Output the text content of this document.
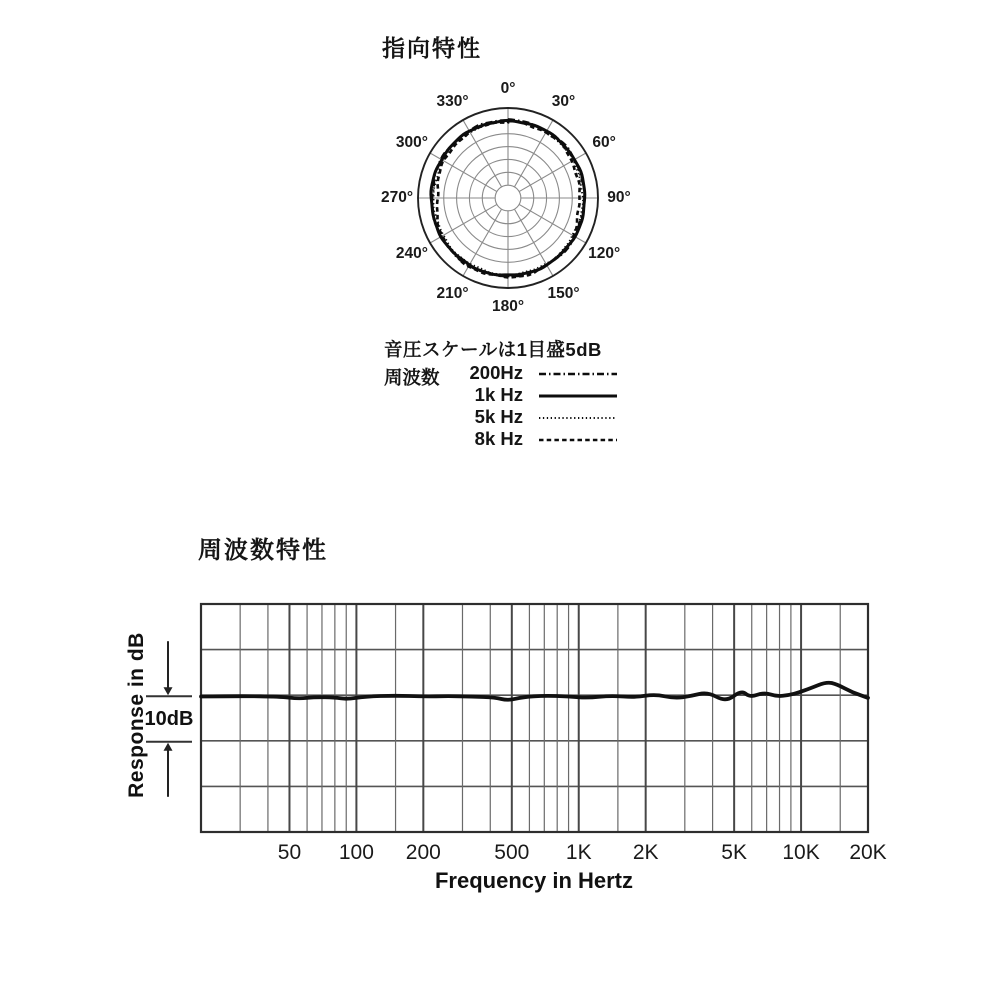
指向特性
0°
30°
60°
90°
120°
150°
180°
210°
240°
270°
300°
330°
音圧スケールは1目盛5dB
周波数	200Hz
1k Hz
5k Hz
8k Hz
周波数特性
Response in dB
10dB
Frequency in Hertz
50 100 200	500 1K 2K	5K 10K 20K
